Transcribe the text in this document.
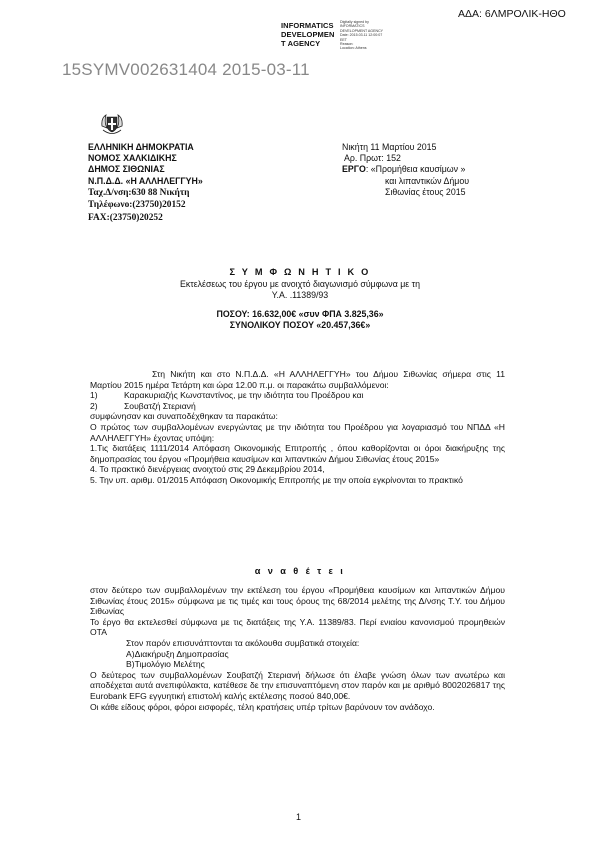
ΑΔΑ: 6ΛΜΡΟΛΙΚ-ΗΘΟ
INFORMATICS
DEVELOPMEN
T AGENCY
Digitally signed by
INFORMATICS
DEVELOPMENT AGENCY
Date: 2015.03.11 12:00:07
EET
Reason:
Location: Athens
15SYMV002631404 2015-03-11
ΕΛΛΗΝΙΚΗ ΔΗΜΟΚΡΑΤΙΑ
ΝΟΜΟΣ ΧΑΛΚΙΔΙΚΗΣ
ΔΗΜΟΣ ΣΙΘΩΝΙΑΣ
Ν.Π.Δ.Δ. «Η ΑΛΛΗΛΕΓΓΥΗ»
Ταχ.Δ/νση:630 88 Νικήτη
Τηλέφωνο:(23750)20152
FAX:(23750)20252
Νικήτη 11 Μαρτίου 2015
Αρ. Πρωτ: 152
ΕΡΓΟ: «Προμήθεια καυσίμων »
και λιπαντικών Δήμου
Σιθωνίας έτους 2015
Σ Υ Μ Φ Ω Ν Η Τ Ι Κ Ο
Εκτελέσεως του έργου με ανοιχτό διαγωνισμό σύμφωνα με τη
Υ.Α. .11389/93
ΠΟΣΟΥ: 16.632,00€ «συν ΦΠΑ 3.825,36»
ΣΥΝΟΛΙΚΟΥ ΠΟΣΟΥ «20.457,36€»
Στη Νικήτη και στο Ν.Π.Δ.Δ. «Η ΑΛΛΗΛΕΓΓΥΗ» του Δήμου Σιθωνίας σήμερα στις 11 Μαρτίου 2015 ημέρα Τετάρτη και ώρα 12.00 π.μ. οι παρακάτω συμβαλλόμενοι:
1)	Καρακυριαζής Κωνσταντίνος, με την ιδιότητα του Προέδρου και
2)	Σουβατζή Στεριανή
συμφώνησαν και συναποδέχθηκαν τα παρακάτω:
Ο πρώτος των συμβαλλομένων ενεργώντας με την ιδιότητα του Προέδρου για λογαριασμό του ΝΠΔΔ «Η ΑΛΛΗΛΕΓΓΥΗ» έχοντας υπόψη:
1.Τις διατάξεις 1111/2014 Απόφαση Οικονομικής Επιτροπής , όπου καθορίζονται οι όροι διακήρυξης της δημοπρασίας του έργου «Προμήθεια καυσίμων και λιπαντικών Δήμου Σιθωνίας έτους 2015»
4. Το πρακτικό διενέργειας ανοιχτού στις 29 Δεκεμβρίου 2014,
5. Την υπ. αριθμ. 01/2015 Απόφαση Οικονομικής Επιτροπής με την οποία εγκρίνονται το πρακτικό
α ν α θ έ τ ε ι
στον δεύτερο των συμβαλλομένων την εκτέλεση του έργου «Προμήθεια καυσίμων και λιπαντικών Δήμου Σιθωνίας έτους 2015» σύμφωνα με τις τιμές και τους όρους της 68/2014 μελέτης της Δ/νσης Τ.Υ. του Δήμου Σιθωνίας
Το έργο θα εκτελεσθεί σύμφωνα με τις διατάξεις της Υ.Α. 11389/83. Περί ενιαίου κανονισμού προμηθειών ΟΤΑ
Στον παρόν επισυνάπτονται τα ακόλουθα συμβατικά στοιχεία:
Α)Διακήρυξη Δημοπρασίας
Β)Τιμολόγιο Μελέτης
Ο δεύτερος των συμβαλλομένων Σουβατζή Στεριανή δήλωσε ότι έλαβε γνώση όλων των ανωτέρω και αποδέχεται αυτά ανεπιφύλακτα, κατέθεσε δε την επισυναπτόμενη στον παρόν και με αριθμό 8002026817 της Eurobank EFG εγγυητική επιστολή καλής εκτέλεσης ποσού 840,00€.
Οι κάθε είδους φόροι, φόροι εισφορές, τέλη κρατήσεις υπέρ τρίτων βαρύνουν τον ανάδοχο.
1
